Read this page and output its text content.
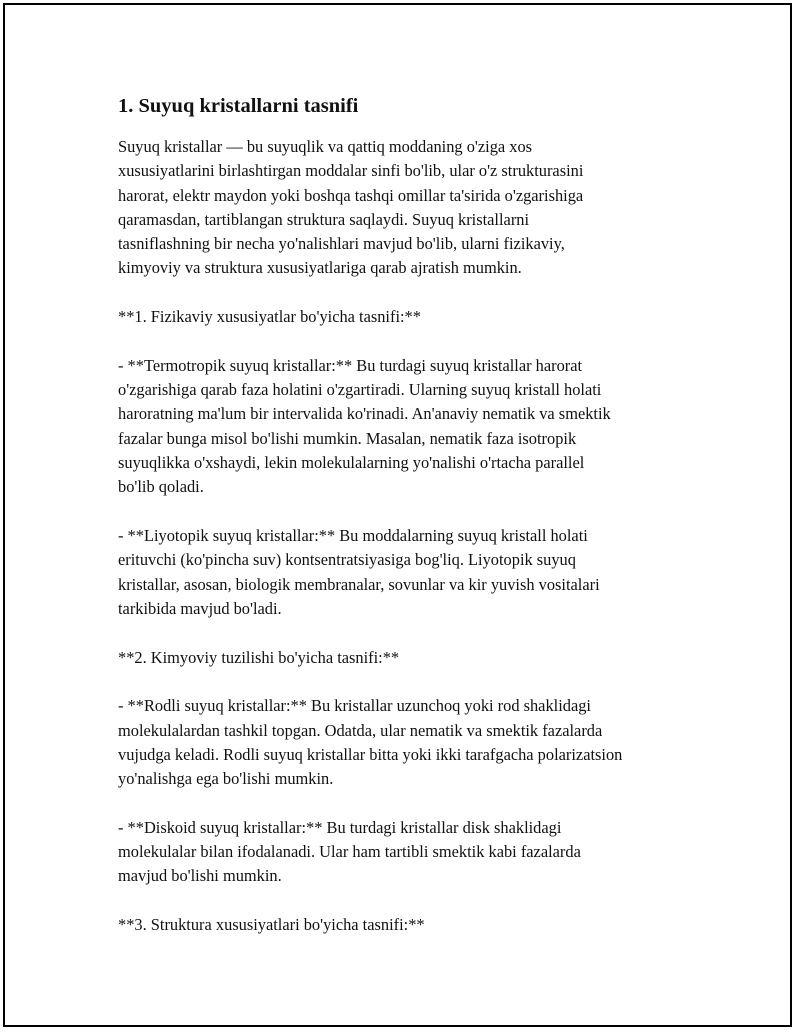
1. Suyuq kristallarni tasnifi

Suyuq kristallar — bu suyuqlik va qattiq moddaning o'ziga xos
xususiyatlarini birlashtirgan moddalar sinfi bo'lib, ular o'z strukturasini
harorat, elektr maydon yoki boshqa tashqi omillar ta'sirida o'zgarishiga
qaramasdan, tartiblangan struktura saqlaydi. Suyuq kristallarni
tasniflashning bir necha yo'nalishlari mavjud bo'lib, ularni fizikaviy,
kimyoviy va struktura xususiyatlariga qarab ajratish mumkin.

**1. Fizikaviy xususiyatlar bo'yicha tasnifi:**

- **Termotropik suyuq kristallar:** Bu turdagi suyuq kristallar harorat
o'zgarishiga qarab faza holatini o'zgartiradi. Ularning suyuq kristall holati
haroratning ma'lum bir intervalida ko'rinadi. An'anaviy nematik va smektik
fazalar bunga misol bo'lishi mumkin. Masalan, nematik faza isotropik
suyuqlikka o'xshaydi, lekin molekulalarning yo'nalishi o'rtacha parallel
bo'lib qoladi.

- **Liyotopik suyuq kristallar:** Bu moddalarning suyuq kristall holati
erituvchi (ko'pincha suv) kontsentratsiyasiga bog'liq. Liyotopik suyuq
kristallar, asosan, biologik membranalar, sovunlar va kir yuvish vositalari
tarkibida mavjud bo'ladi.

**2. Kimyoviy tuzilishi bo'yicha tasnifi:**

- **Rodli suyuq kristallar:** Bu kristallar uzunchoq yoki rod shaklidagi
molekulalardan tashkil topgan. Odatda, ular nematik va smektik fazalarda
vujudga keladi. Rodli suyuq kristallar bitta yoki ikki tarafgacha polarizatsion
yo'nalishga ega bo'lishi mumkin.

- **Diskoid suyuq kristallar:** Bu turdagi kristallar disk shaklidagi
molekulalar bilan ifodalanadi. Ular ham tartibli smektik kabi fazalarda
mavjud bo'lishi mumkin.

**3. Struktura xususiyatlari bo'yicha tasnifi:**
